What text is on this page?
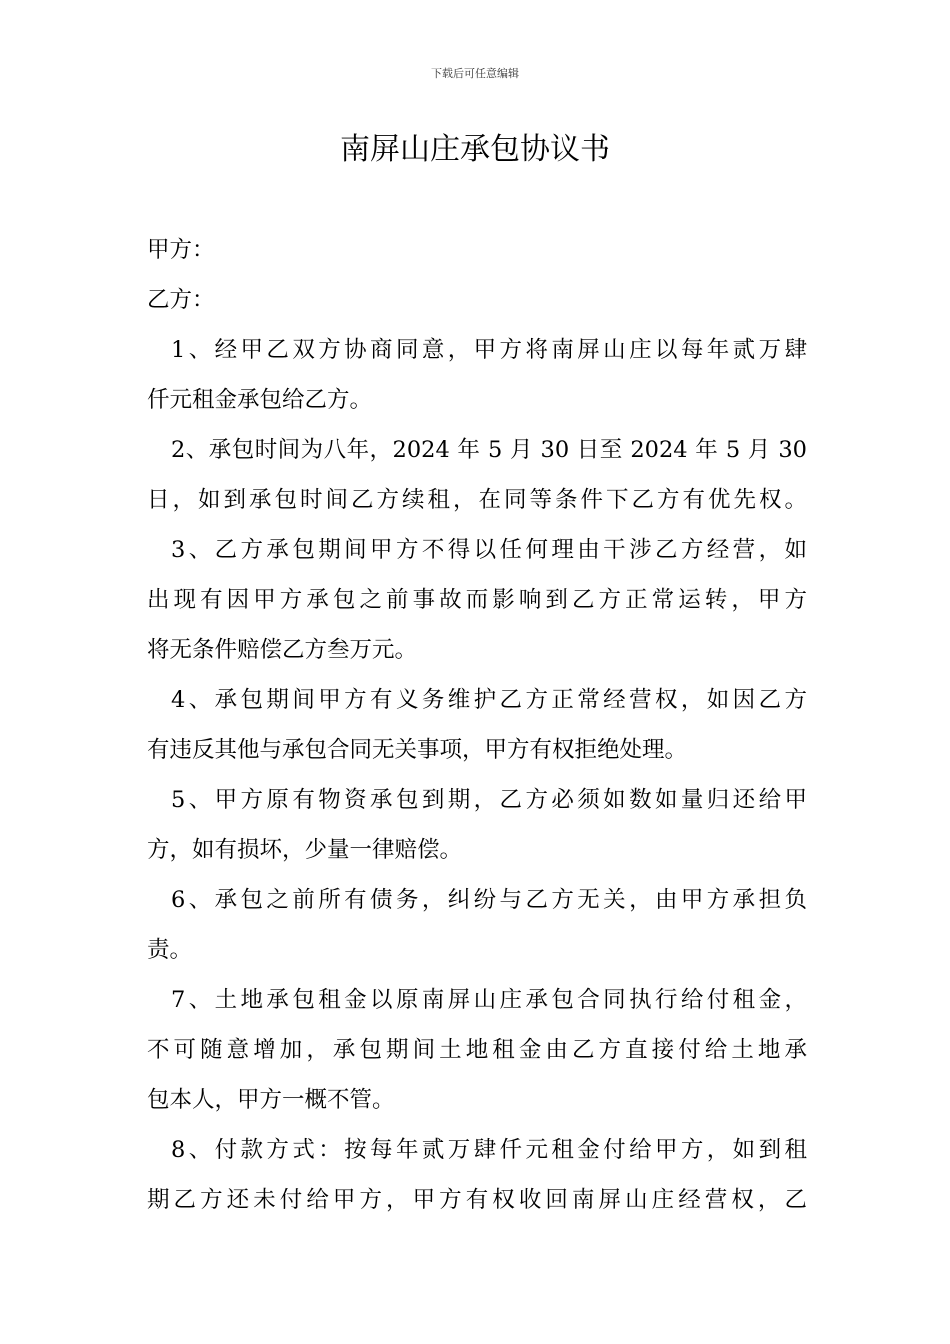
下载后可任意编辑
南屏山庄承包协议书
甲方：
乙方：
1、经甲乙双方协商同意，甲方将南屏山庄以每年贰万肆
仟元租金承包给乙方。
2、承包时间为八年，2024 年 5 月 30 日至 2024 年 5 月 30
日，如到承包时间乙方续租，在同等条件下乙方有优先权。
3、乙方承包期间甲方不得以任何理由干涉乙方经营，如
出现有因甲方承包之前事故而影响到乙方正常运转，甲方
将无条件赔偿乙方叁万元。
4、承包期间甲方有义务维护乙方正常经营权，如因乙方
有违反其他与承包合同无关事项，甲方有权拒绝处理。
5、甲方原有物资承包到期，乙方必须如数如量归还给甲
方，如有损坏，少量一律赔偿。
6、承包之前所有债务，纠纷与乙方无关，由甲方承担负
责。
7、土地承包租金以原南屏山庄承包合同执行给付租金，
不可随意增加，承包期间土地租金由乙方直接付给土地承
包本人，甲方一概不管。
8、付款方式：按每年贰万肆仟元租金付给甲方，如到租
期乙方还未付给甲方，甲方有权收回南屏山庄经营权，乙
